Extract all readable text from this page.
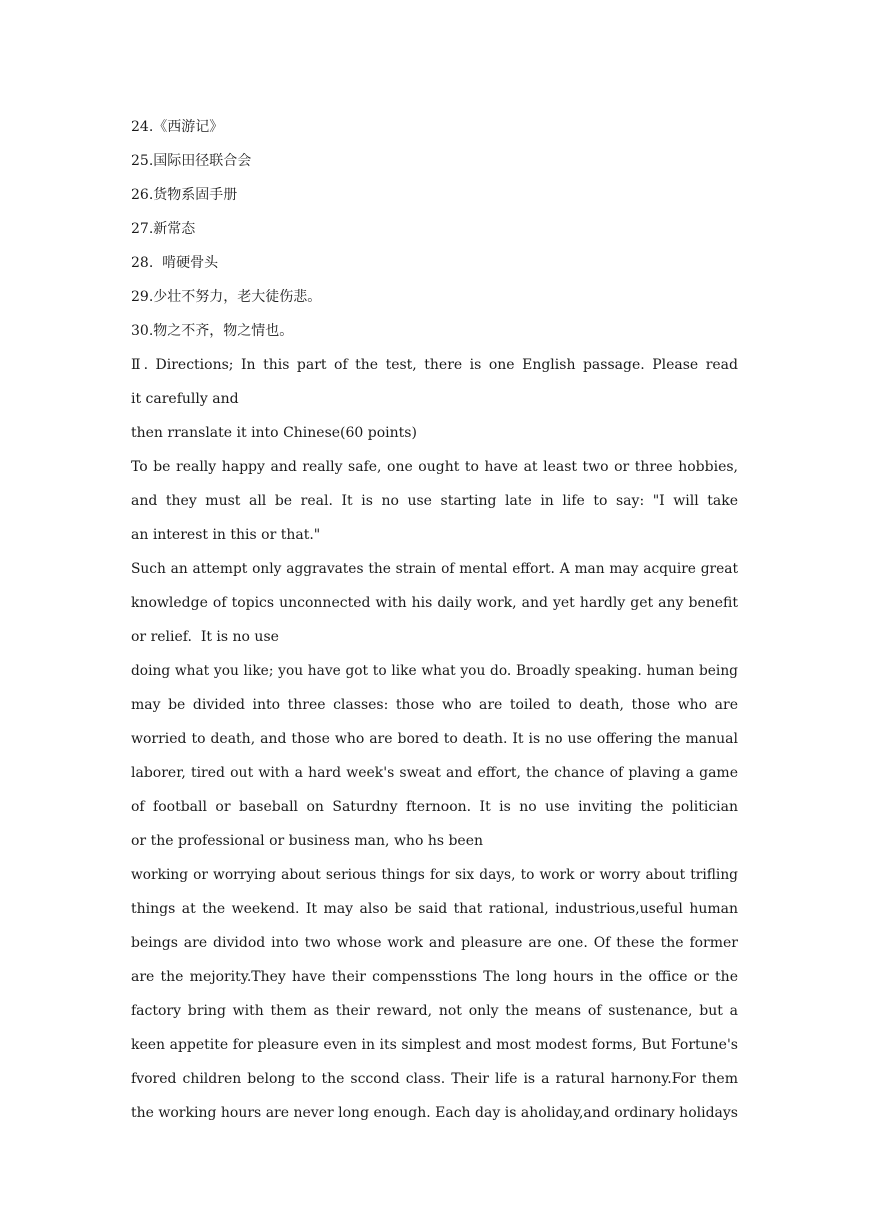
24.《西游记》
25.国际田径联合会
26.货物系固手册
27.新常态
28.  啃硬骨头
29.少壮不努力，老大徒伤悲。
30.物之不齐，物之情也。
Ⅱ. Directions; In this part of the test, there is one English passage. Please read
it carefully and
then rranslate it into Chinese(60 points)
To be really happy and really safe, one ought to have at least two or three hobbies,
and they must all be real. It is no use starting late in life to say: "I will take
an interest in this or that."
Such an attempt only aggravates the strain of mental effort. A man may acquire great
knowledge of topics unconnected with his daily work, and yet hardly get any benefit
or relief.  It is no use
doing what you like; you have got to like what you do. Broadly speaking. human being
may be divided into three classes: those who are toiled to death, those who are
worried to death, and those who are bored to death. It is no use offering the manual
laborer, tired out with a hard week's sweat and effort, the chance of plaving a game
of football or baseball on Saturdny fternoon. It is no use inviting the politician
or the professional or business man, who hs been
working or worrying about serious things for six days, to work or worry about trifling
things at the weekend. It may also be said that rational, industrious,useful human
beings are dividod into two whose work and pleasure are one. Of these the former
are the mejority.They have their compensstions The long hours in the office or the
factory bring with them as their reward, not only the means of sustenance, but a
keen appetite for pleasure even in its simplest and most modest forms, But Fortune's
fvored children belong to the sccond class. Their life is a ratural harnony.For them
the working hours are never long enough. Each day is aholiday,and ordinary holidays
